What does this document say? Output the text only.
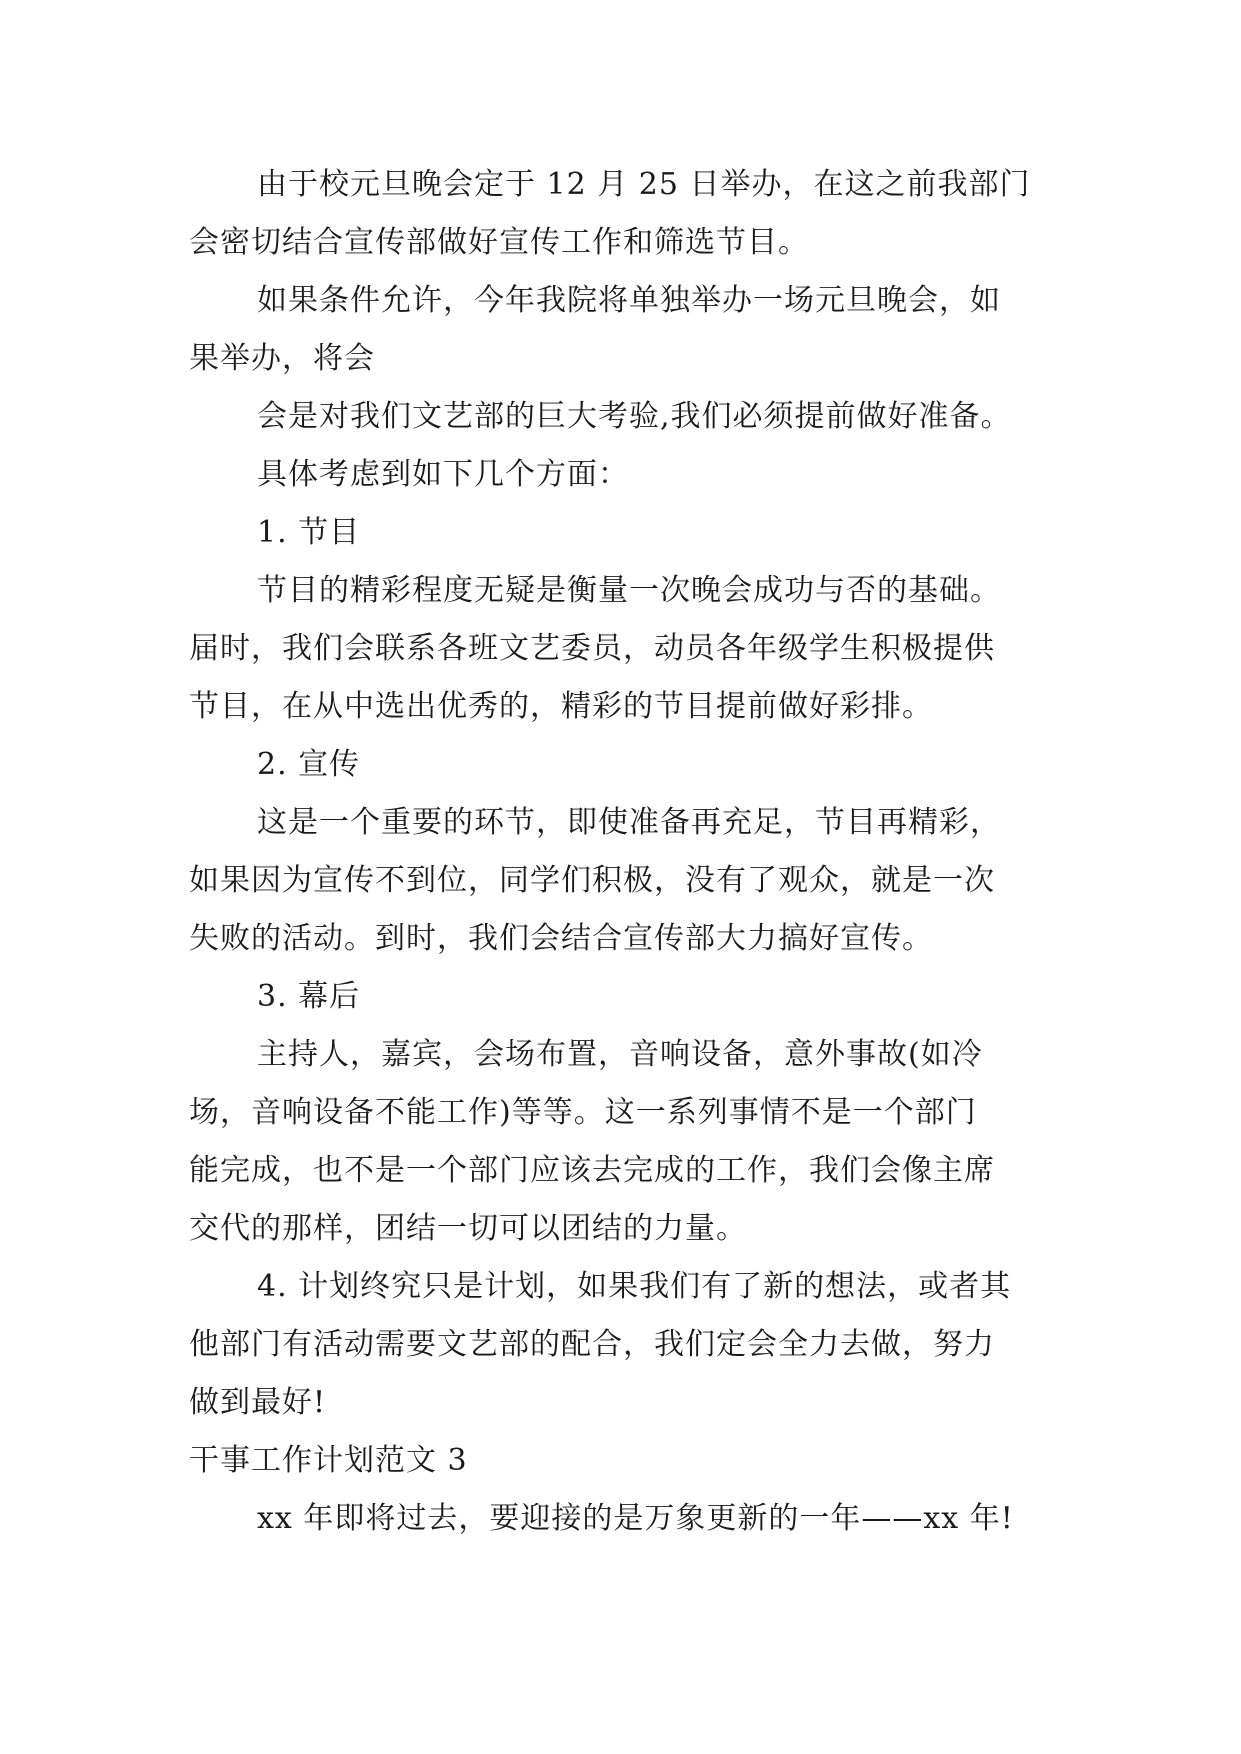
由于校元旦晚会定于 12 月 25 日举办，在这之前我部门
会密切结合宣传部做好宣传工作和筛选节目。
如果条件允许，今年我院将单独举办一场元旦晚会，如
果举办，将会
会是对我们文艺部的巨大考验,我们必须提前做好准备。
具体考虑到如下几个方面：
1. 节目
节目的精彩程度无疑是衡量一次晚会成功与否的基础。
届时，我们会联系各班文艺委员，动员各年级学生积极提供
节目，在从中选出优秀的，精彩的节目提前做好彩排。
2. 宣传
这是一个重要的环节，即使准备再充足，节目再精彩，
如果因为宣传不到位，同学们积极，没有了观众，就是一次
失败的活动。到时，我们会结合宣传部大力搞好宣传。
3. 幕后
主持人，嘉宾，会场布置，音响设备，意外事故(如冷
场，音响设备不能工作)等等。这一系列事情不是一个部门
能完成，也不是一个部门应该去完成的工作，我们会像主席
交代的那样，团结一切可以团结的力量。
4. 计划终究只是计划，如果我们有了新的想法，或者其
他部门有活动需要文艺部的配合，我们定会全力去做，努力
做到最好!
干事工作计划范文 3
xx 年即将过去，要迎接的是万象更新的一年——xx 年!
